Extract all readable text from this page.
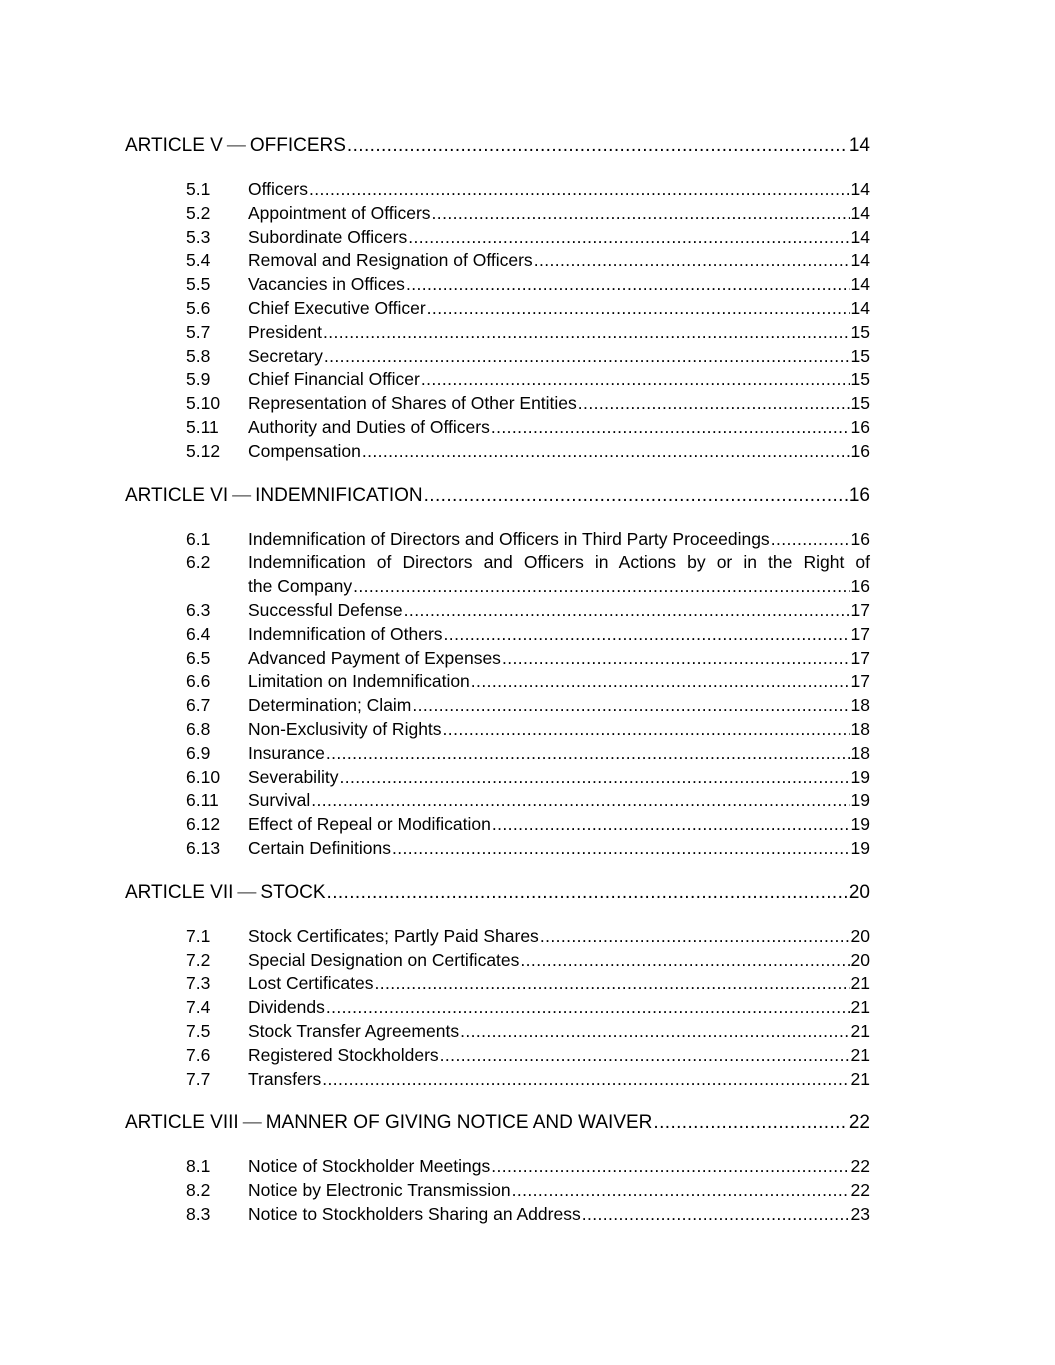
ARTICLE V — OFFICERS .....	14
5.1	Officers .....	14
5.2	Appointment of Officers .....	14
5.3	Subordinate Officers .....	14
5.4	Removal and Resignation of Officers .....	14
5.5	Vacancies in Offices .....	14
5.6	Chief Executive Officer .....	14
5.7	President .....	15
5.8	Secretary .....	15
5.9	Chief Financial Officer .....	15
5.10	Representation of Shares of Other Entities .....	15
5.11	Authority and Duties of Officers .....	16
5.12	Compensation .....	16
ARTICLE VI — INDEMNIFICATION .....	16
6.1	Indemnification of Directors and Officers in Third Party Proceedings .....	16
6.2	Indemnification of Directors and Officers in Actions by or in the Right of
the Company .....	16
6.3	Successful Defense .....	17
6.4	Indemnification of Others .....	17
6.5	Advanced Payment of Expenses .....	17
6.6	Limitation on Indemnification .....	17
6.7	Determination; Claim .....	18
6.8	Non-Exclusivity of Rights .....	18
6.9	Insurance .....	18
6.10	Severability .....	19
6.11	Survival .....	19
6.12	Effect of Repeal or Modification .....	19
6.13	Certain Definitions .....	19
ARTICLE VII — STOCK .....	20
7.1	Stock Certificates; Partly Paid Shares .....	20
7.2	Special Designation on Certificates .....	20
7.3	Lost Certificates .....	21
7.4	Dividends .....	21
7.5	Stock Transfer Agreements .....	21
7.6	Registered Stockholders .....	21
7.7	Transfers .....	21
ARTICLE VIII — MANNER OF GIVING NOTICE AND WAIVER .....	22
8.1	Notice of Stockholder Meetings .....	22
8.2	Notice by Electronic Transmission .....	22
8.3	Notice to Stockholders Sharing an Address .....	23
